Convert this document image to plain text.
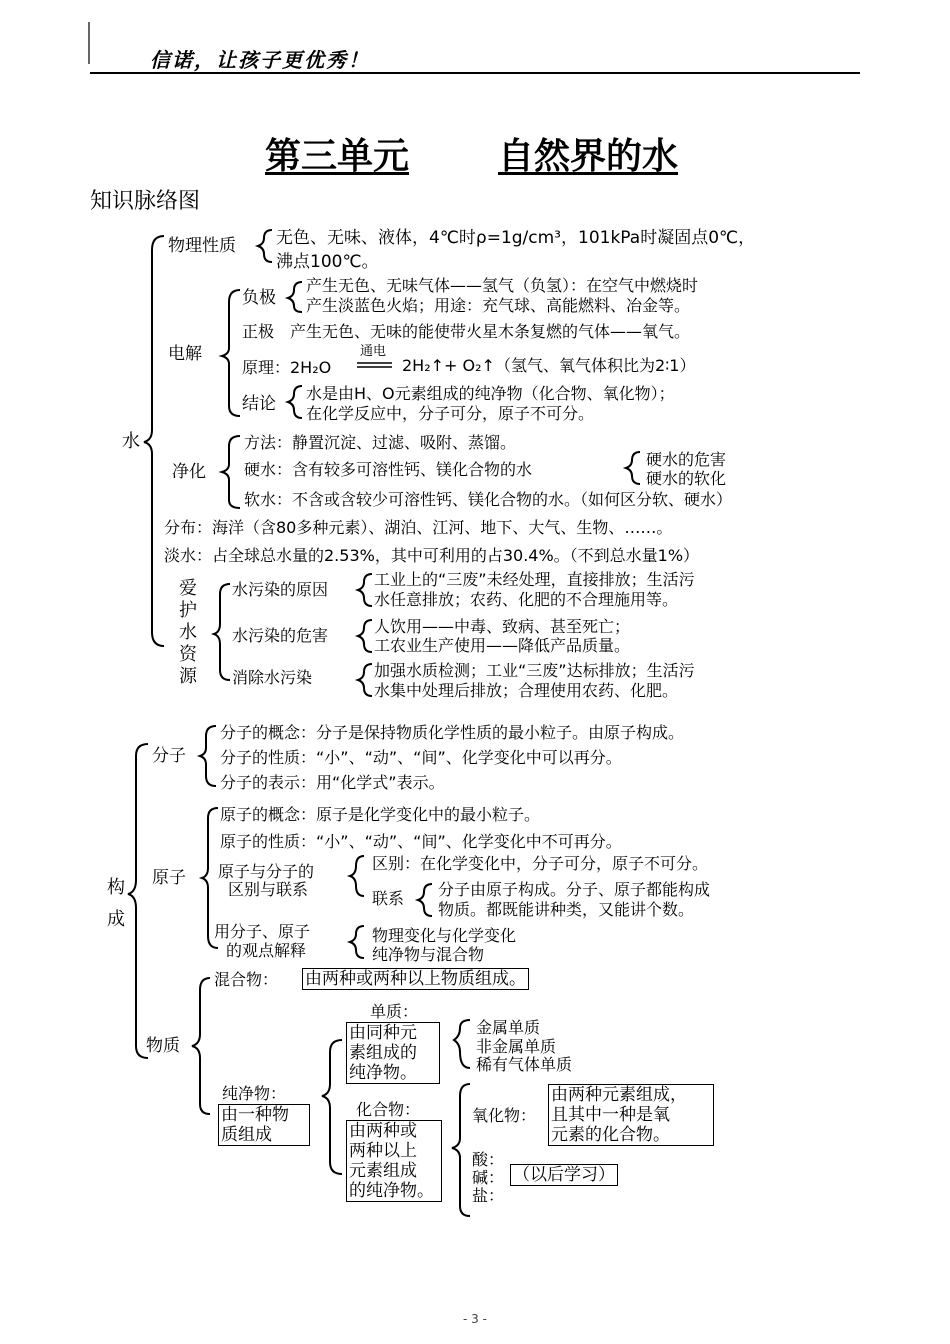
信诺，让孩子更优秀！
第三单元 自然界的水
知识脉络图
水
物理性质 无色、无味、液体，4℃时ρ=1g/cm³，101kPa时凝固点0℃，
沸点100℃。
电解
负极
产生无色、无味气体——氢气（负氢）：在空气中燃烧时
产生淡蓝色火焰；用途：充气球、高能燃料、冶金等。
正极　产生无色、无味的能使带火星木条复燃的气体——氧气。
原理：2H₂O
通电
2H₂↑+ O₂↑（氢气、氧气体积比为2∶1）
结论
水是由H、O元素组成的纯净物（化合物、氧化物）；
在化学反应中，分子可分，原子不可分。
净化
方法：静置沉淀、过滤、吸附、蒸馏。
硬水：含有较多可溶性钙、镁化合物的水
硬水的危害
硬水的软化
软水：不含或含较少可溶性钙、镁化合物的水。（如何区分软、硬水）
分布：海洋（含80多种元素）、湖泊、江河、地下、大气、生物、……。
淡水：占全球总水量的2.53%，其中可利用的占30.4%。（不到总水量1%）
爱护水资源
水污染的原因
工业上的“三废”未经处理，直接排放；生活污
水任意排放；农药、化肥的不合理施用等。
水污染的危害	人饮用——中毒、致病、甚至死亡；
工农业生产使用——降低产品质量。
消除水污染	加强水质检测；工业“三废”达标排放；生活污
水集中处理后排放；合理使用农药、化肥。
构成
分子
分子的概念：分子是保持物质化学性质的最小粒子。由原子构成。
分子的性质：“小”、“动”、“间”、化学变化中可以再分。
分子的表示：用“化学式”表示。
原子
原子的概念：原子是化学变化中的最小粒子。
原子的性质：“小”、“动”、“间”、化学变化中不可再分。
原子与分子的
区别与联系
区别：在化学变化中，分子可分，原子不可分。
联系 分子由原子构成。分子、原子都能构成
物质。都既能讲种类，又能讲个数。
用分子、原子
的观点解释
物理变化与化学变化
纯净物与混合物
物质
混合物： 由两种或两种以上物质组成。
纯净物：
由一种物
质组成
单质：
由同种元
素组成的
纯净物。
金属单质
非金属单质
稀有气体单质
化合物：
由两种或
两种以上
元素组成
的纯净物。
氧化物：
由两种元素组成，
且其中一种是氧
元素的化合物。
酸：
碱：
盐：
（以后学习）
- 3 -
